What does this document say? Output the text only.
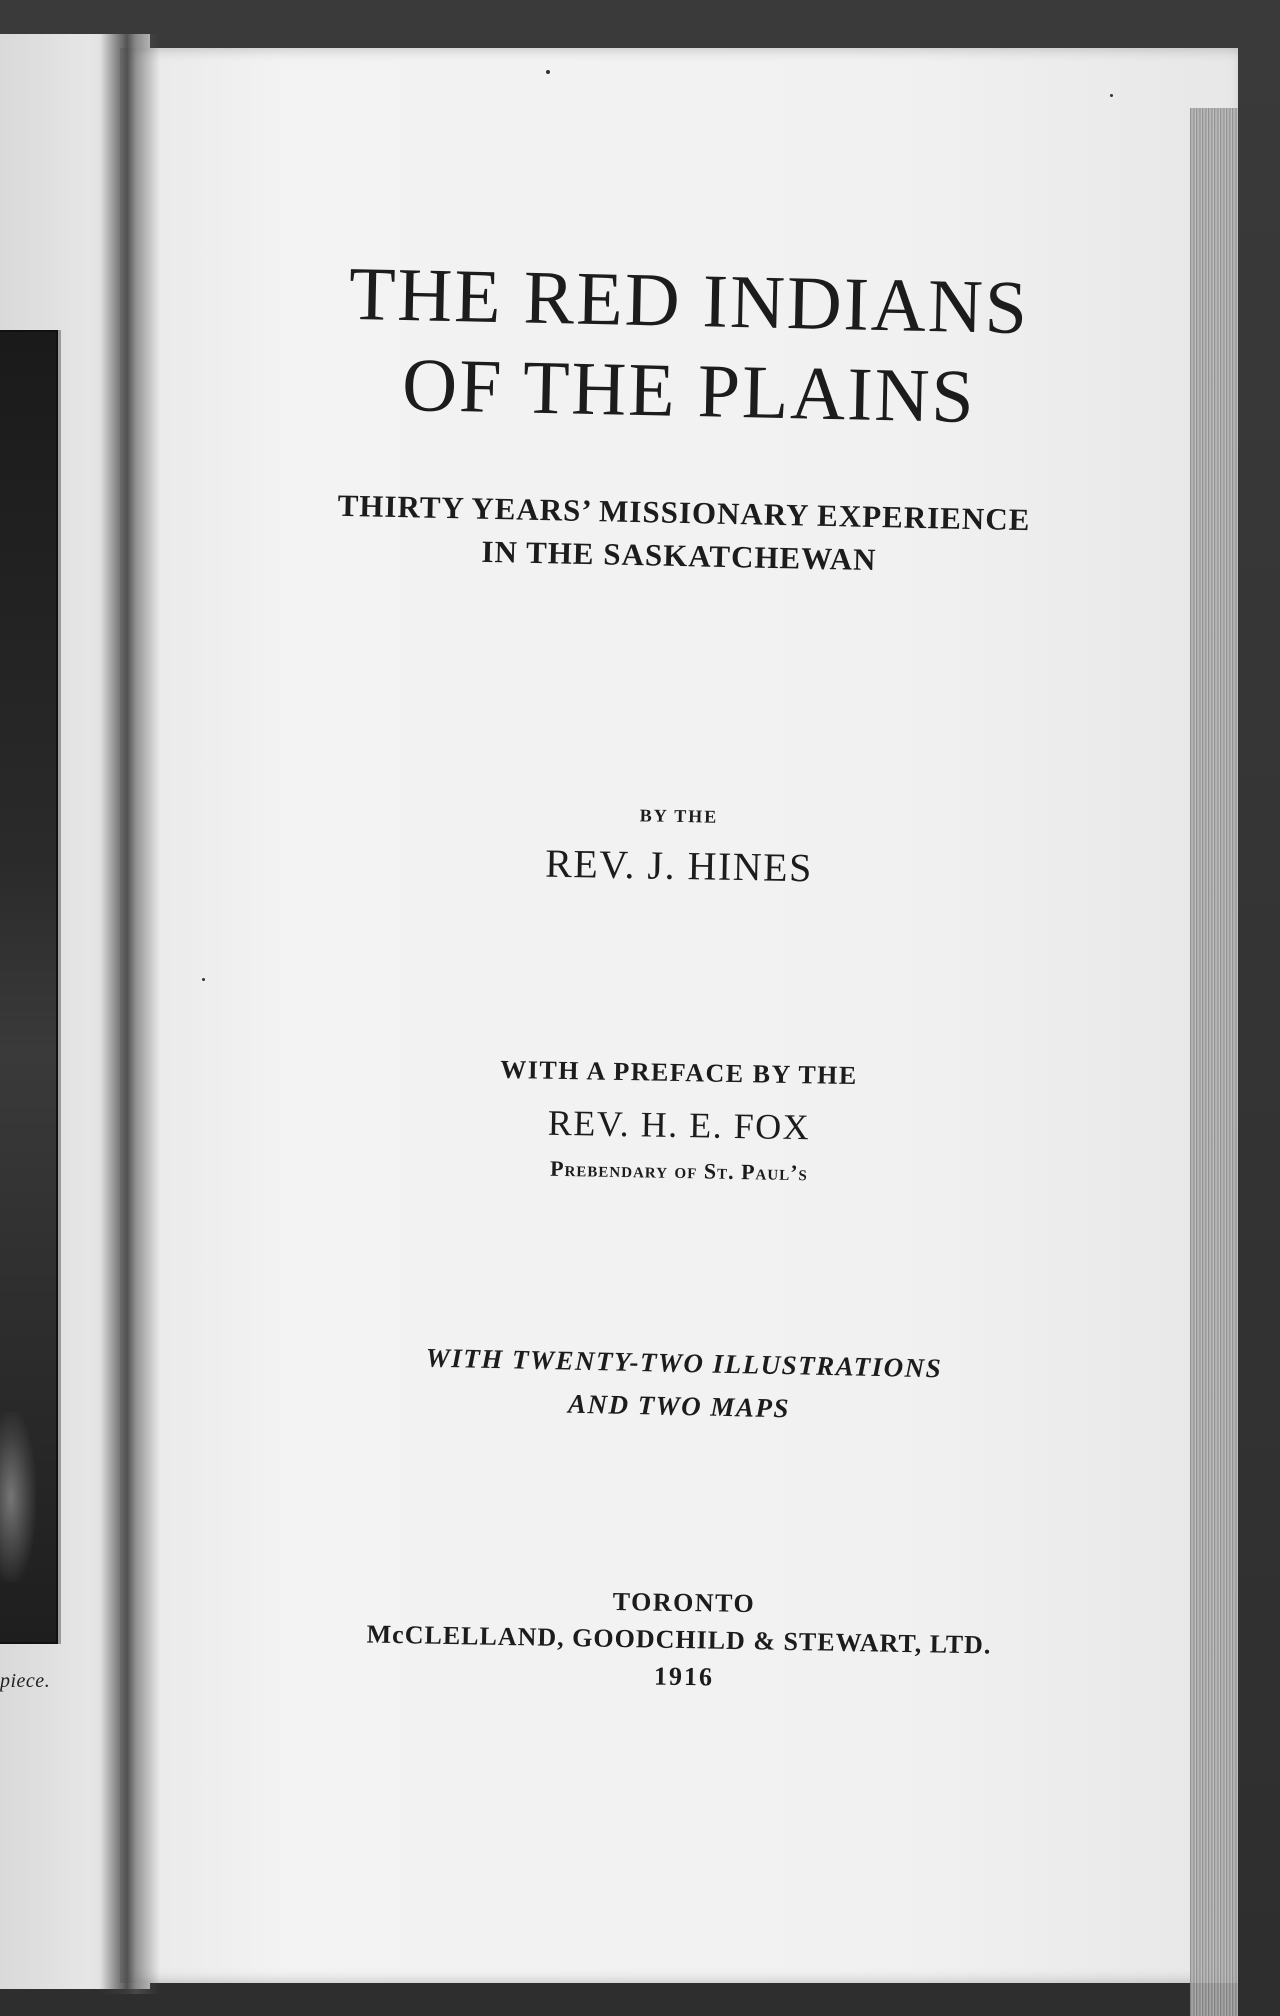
piece.
THE RED INDIANS
OF THE PLAINS
THIRTY YEARS’ MISSIONARY EXPERIENCE
IN THE SASKATCHEWAN
BY THE
REV. J. HINES
WITH A PREFACE BY THE
REV. H. E. FOX
Prebendary of St. Paul’s
WITH TWENTY-TWO ILLUSTRATIONS
AND TWO MAPS
TORONTO
McCLELLAND, GOODCHILD & STEWART, LTD.
1916
